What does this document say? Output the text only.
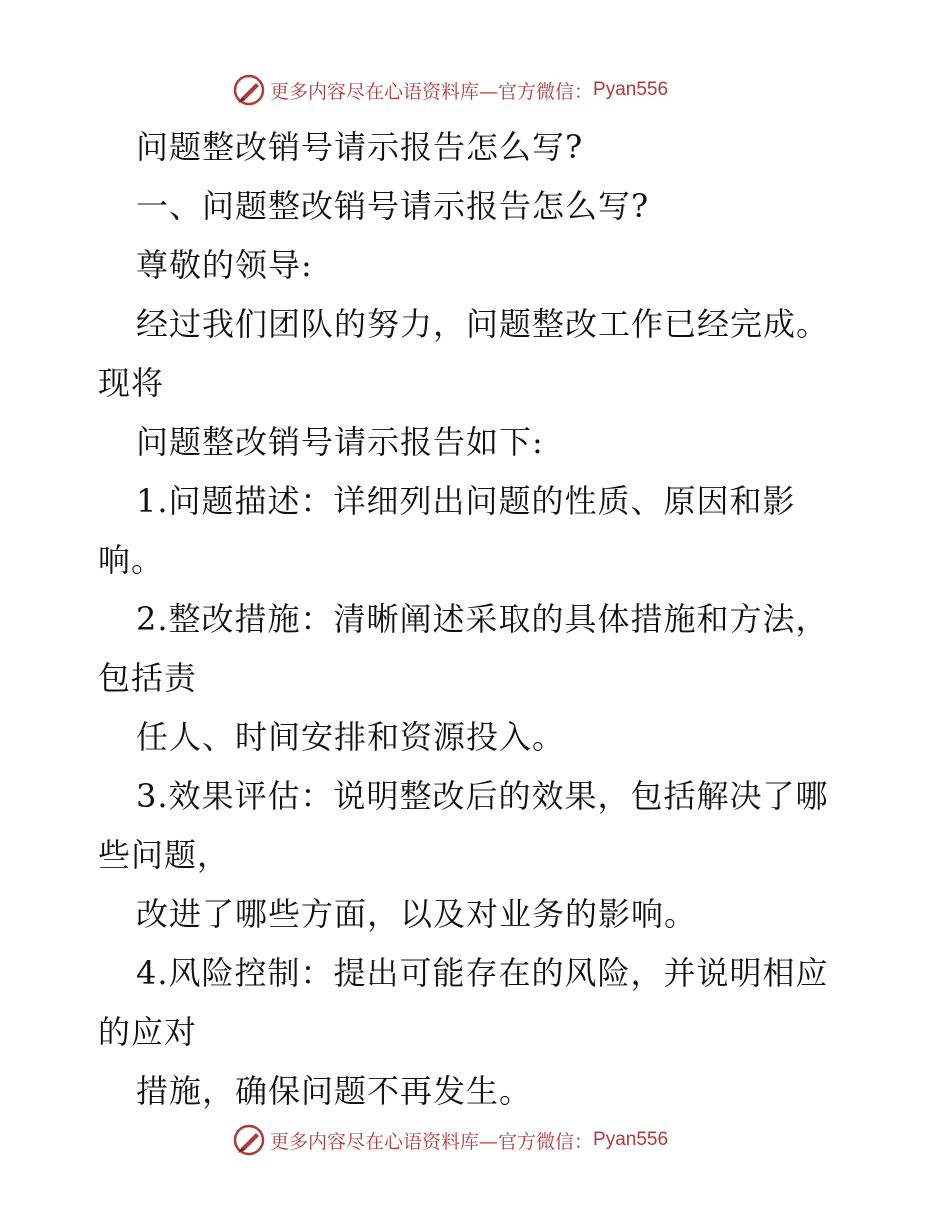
更多内容尽在心语资料库—官方微信： Pyan556
问题整改销号请示报告怎么写?
一、问题整改销号请示报告怎么写?
尊敬的领导:
经过我们团队的努力，问题整改工作已经完成。
现将
问题整改销号请示报告如下:
1.问题描述：详细列出问题的性质、原因和影
响。
2.整改措施：清晰阐述采取的具体措施和方法，
包括责
任人、时间安排和资源投入。
3.效果评估：说明整改后的效果，包括解决了哪
些问题，
改进了哪些方面，以及对业务的影响。
4.风险控制：提出可能存在的风险，并说明相应
的应对
措施，确保问题不再发生。
更多内容尽在心语资料库—官方微信： Pyan556
